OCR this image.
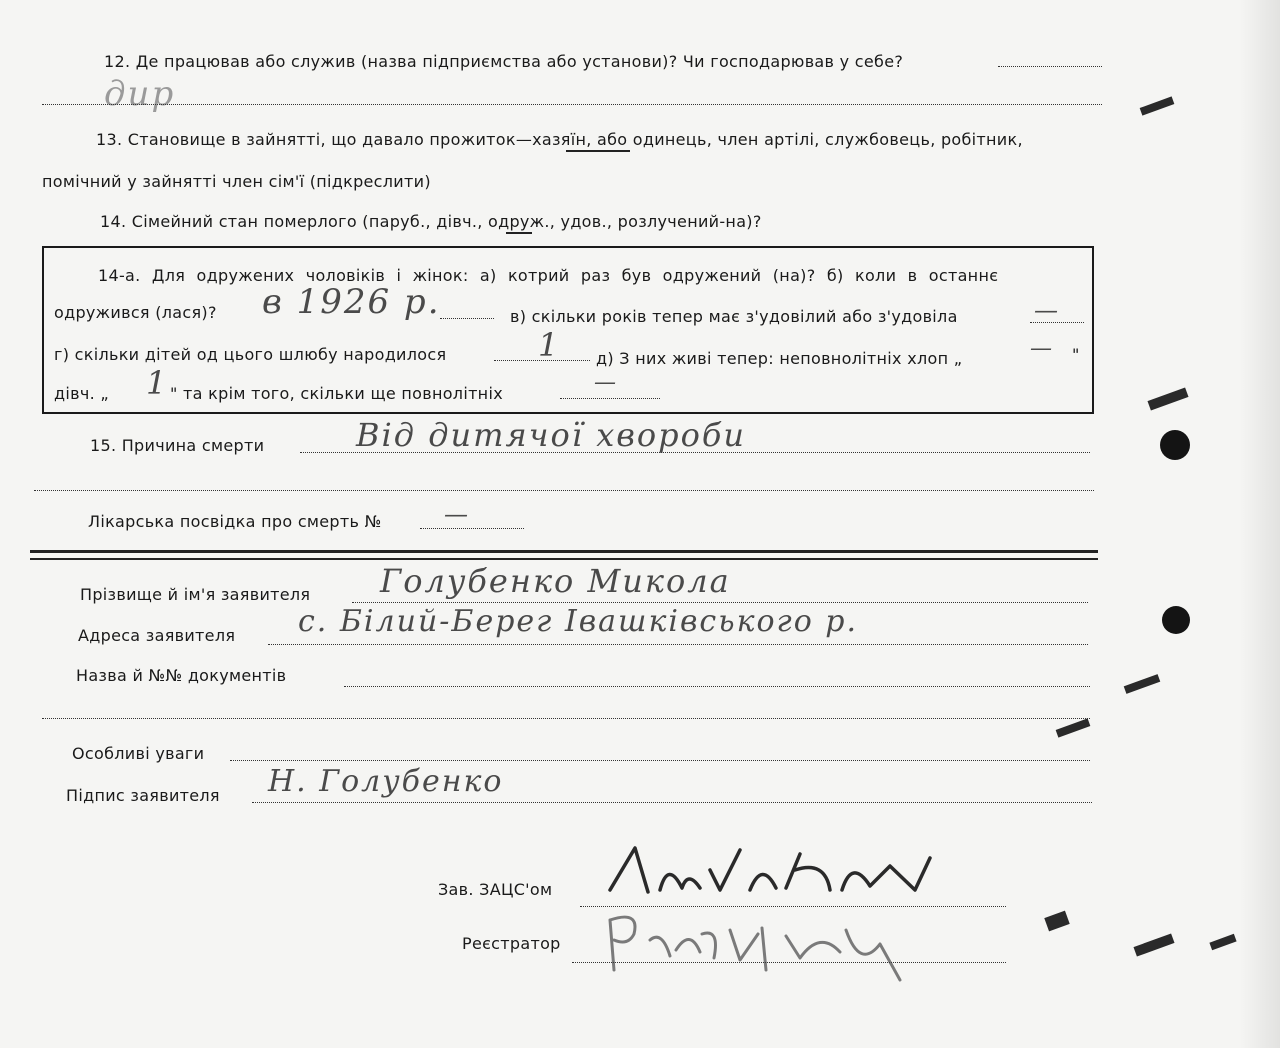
12. Де працював або служив (назва підприємства або установи)? Чи господарював у себе?
дир
13. Становище в зайнятті, що давало прожиток—хазяїн, або одинець, член артілі, службовець, робітник,
помічний у зайнятті член сім'ї (підкреслити)
14. Сімейний стан померлого (паруб., дівч., одруж., удов., розлучений-на)?
14-а. Для одружених чоловіків і жінок: а) котрий раз був одружений (на)? б) коли в останнє
одружився (лася)? в 1926 р.	в) скільки років тепер має з'удовілий або з'удовіла	—
г) скільки дітей од цього шлюбу народилося	1 д) З них живі тепер: неповнолітніх хлоп „	— "
дівч. „ 1 " та крім того, скільки ще повнолітніх	—
15. Причина смерти	Від дитячої хвороби
Лікарська посвідка про смерть №	—
Прізвище й ім'я заявителя Голубенко Микола
Адреса заявителя с. Білий-Берег Івашківського р.
Назва й №№ документів
Особливі уваги
Підпис заявителя Н. Голубенко
Зав. ЗАЦС'ом
Реєстратор
